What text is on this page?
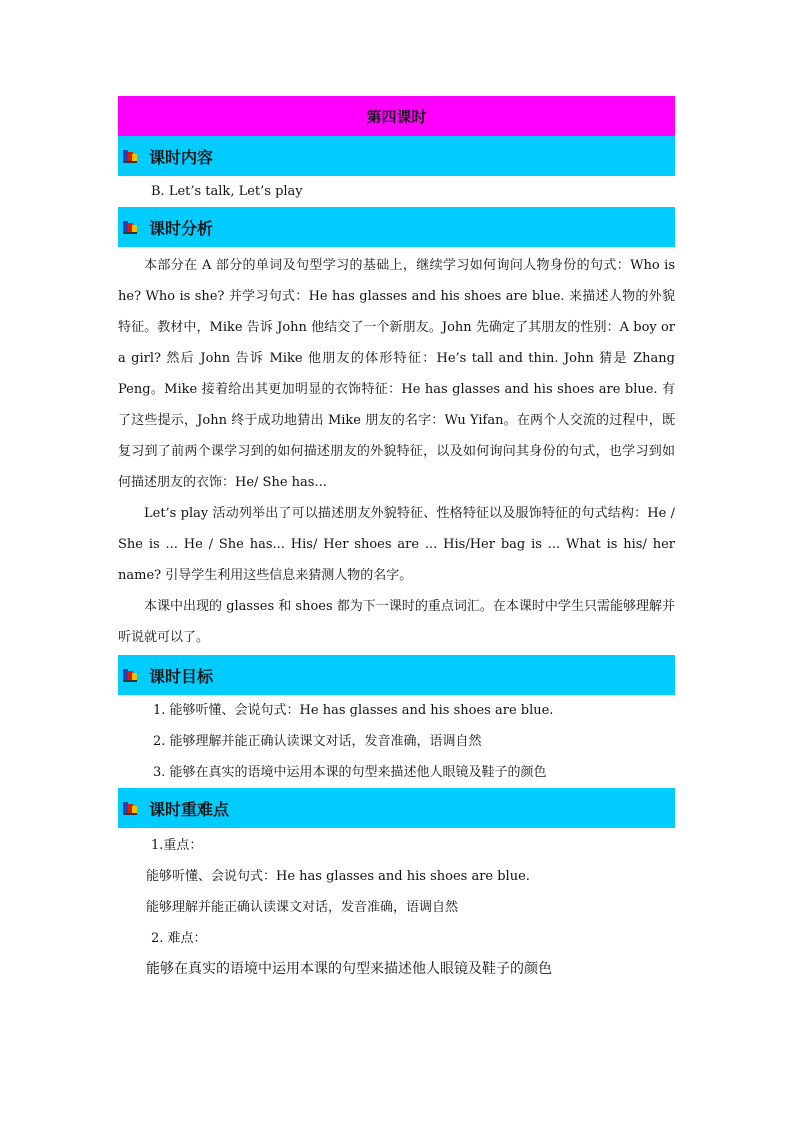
第四课时
课时内容
B. Let’s talk, Let’s play
课时分析
本部分在 A 部分的单词及句型学习的基础上，继续学习如何询问人物身份的句式：Who is he? Who is she? 并学习句式：He has glasses and his shoes are blue. 来描述人物的外貌特征。教材中，Mike 告诉 John 他结交了一个新朋友。John 先确定了其朋友的性别：A boy or a girl? 然后 John 告诉 Mike 他朋友的体形特征：He’s tall and thin. John 猜是 Zhang Peng。Mike 接着给出其更加明显的衣饰特征：He has glasses and his shoes are blue. 有了这些提示，John 终于成功地猜出 Mike 朋友的名字：Wu Yifan。在两个人交流的过程中，既复习到了前两个课学习到的如何描述朋友的外貌特征，以及如何询问其身份的句式，也学习到如何描述朋友的衣饰：He/ She has...
Let’s play 活动列举出了可以描述朋友外貌特征、性格特征以及服饰特征的句式结构：He / She is ... He / She has... His/ Her shoes are ... His/Her bag is ... What is his/ her name? 引导学生利用这些信息来猜测人物的名字。
本课中出现的 glasses 和 shoes 都为下一课时的重点词汇。在本课时中学生只需能够理解并听说就可以了。
课时目标
1. 能够听懂、会说句式：He has glasses and his shoes are blue.
2. 能够理解并能正确认读课文对话，发音准确，语调自然
3. 能够在真实的语境中运用本课的句型来描述他人眼镜及鞋子的颜色
课时重难点
1.重点：
能够听懂、会说句式：He has glasses and his shoes are blue.
能够理解并能正确认读课文对话，发音准确，语调自然
2. 难点：
能够在真实的语境中运用本课的句型来描述他人眼镜及鞋子的颜色
